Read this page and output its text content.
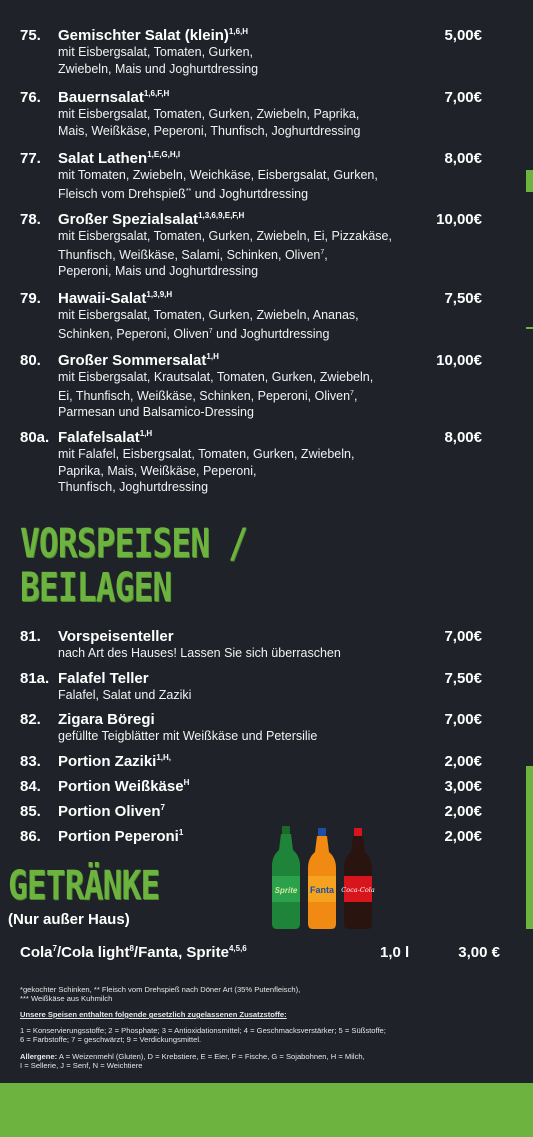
75.	Gemischter Salat (klein)$^{1,6,H}$	5,00€
mit Eisbergsalat, Tomaten, Gurken,
Zwiebeln, Mais und Joghurtdressing
76.	Bauernsalat$^{1,6,F,H}$	7,00€
mit Eisbergsalat, Tomaten, Gurken, Zwiebeln, Paprika,
Mais, Weißkäse, Peperoni, Thunfisch, Joghurtdressing
77.	Salat Lathen$^{1,E,G,H,I}$	8,00€
mit Tomaten, Zwiebeln, Weichkäse, Eisbergsalat, Gurken,
Fleisch vom Drehspieß** und Joghurtdressing
78.	Großer Spezialsalat$^{1,3,6,9,E,F,H}$	10,00€
mit Eisbergsalat, Tomaten, Gurken, Zwiebeln, Ei, Pizzakäse,
Thunfisch, Weißkäse, Salami, Schinken, Oliven$^7$,
Peperoni, Mais und Joghurtdressing
79.	Hawaii-Salat$^{1,3,9,H}$	7,50€
mit Eisbergsalat, Tomaten, Gurken, Zwiebeln, Ananas,
Schinken, Peperoni, Oliven$^7$ und Joghurtdressing
80.	Großer Sommersalat$^{1,H}$	10,00€
mit Eisbergsalat, Krautsalat, Tomaten, Gurken, Zwiebeln,
Ei, Thunfisch, Weißkäse, Schinken, Peperoni, Oliven$^7$,
Parmesan und Balsamico-Dressing
80a. Falafelsalat$^{1,H}$	8,00€
mit Falafel, Eisbergsalat, Tomaten, Gurken, Zwiebeln,
Paprika, Mais, Weißkäse, Peperoni,
Thunfisch, Joghurtdressing
VORSPEISEN /
BEILAGEN
81.	Vorspeisenteller	7,00€
nach Art des Hauses! Lassen Sie sich überraschen
81a. Falafel Teller	7,50€
Falafel, Salat und Zaziki
82.	Zigara Böregi	7,00€
gefüllte Teigblätter mit Weißkäse und Petersilie
83.	Portion Zaziki$^{1,H,}$	2,00€
84.	Portion Weißkäse$^H$	3,00€
85.	Portion Oliven$^7$	2,00€
86.	Portion Peperoni$^1$	2,00€
GETRÄNKE
(Nur außer Haus)
Sprite Fanta Coca-Cola
Cola$^7$/Cola light$^8$/Fanta, Sprite$^{4,5,6}$	1,0 l	3,00 €
*gekochter Schinken, ** Fleisch vom Drehspieß nach Döner Art (35% Putenfleisch),
*** Weißkäse aus Kuhmilch
Unsere Speisen enthalten folgende gesetzlich zugelassenen Zusatzstoffe:
1 = Konservierungsstoffe; 2 = Phosphate; 3 = Antioxidationsmittel; 4 = Geschmacksverstärker; 5 = Süßstoffe;
6 = Farbstoffe; 7 = geschwärzt; 9 = Verdickungsmittel.
Allergene: A = Weizenmehl (Gluten), D = Krebstiere, E = Eier, F = Fische, G = Sojabohnen, H = Milch,
I = Sellerie, J = Senf, N = Weichtiere
